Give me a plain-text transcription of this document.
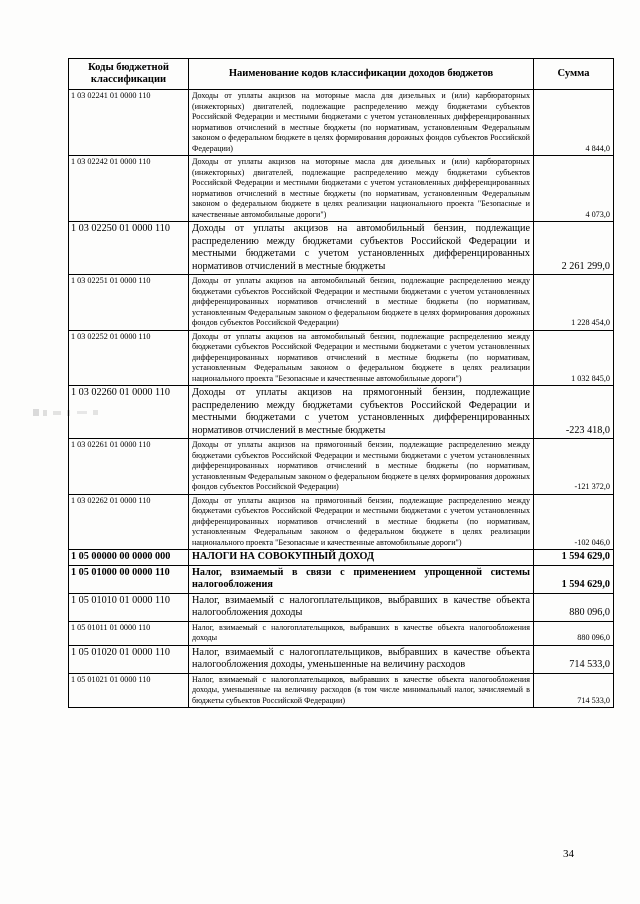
Коды бюджетной классификации	Наименование кодов классификации доходов бюджетов	Сумма
1 03 02241 01 0000 110	Доходы от уплаты акцизов на моторные масла для дизельных и (или) карбюраторных (инжекторных) двигателей, подлежащие распределению между бюджетами субъектов Российской Федерации и местными бюджетами с учетом установленных дифференцированных нормативов отчислений в местные бюджеты (по нормативам, установленным Федеральным законом о федеральном бюджете в целях формирования дорожных фондов субъектов Российской Федерации)	4 844,0
1 03 02242 01 0000 110	Доходы от уплаты акцизов на моторные масла для дизельных и (или) карбюраторных (инжекторных) двигателей, подлежащие распределению между бюджетами субъектов Российской Федерации и местными бюджетами с учетом установленных дифференцированных нормативов отчислений в местные бюджеты (по нормативам, установленным Федеральным законом о федеральном бюджете в целях реализации национального проекта "Безопасные и качественные автомобильные дороги")	4 073,0
1 03 02250 01 0000 110	Доходы от уплаты акцизов на автомобильный бензин, подлежащие распределению между бюджетами субъектов Российской Федерации и местными бюджетами с учетом установленных дифференцированных нормативов отчислений в местные бюджеты	2 261 299,0
1 03 02251 01 0000 110	Доходы от уплаты акцизов на автомобильный бензин, подлежащие распределению между бюджетами субъектов Российской Федерации и местными бюджетами с учетом установленных дифференцированных нормативов отчислений в местные бюджеты (по нормативам, установленным Федеральным законом о федеральном бюджете в целях формирования дорожных фондов субъектов Российской Федерации)	1 228 454,0
1 03 02252 01 0000 110	Доходы от уплаты акцизов на автомобильный бензин, подлежащие распределению между бюджетами субъектов Российской Федерации и местными бюджетами с учетом установленных дифференцированных нормативов отчислений в местные бюджеты (по нормативам, установленным Федеральным законом о федеральном бюджете в целях реализации национального проекта "Безопасные и качественные автомобильные дороги")	1 032 845,0
1 03 02260 01 0000 110	Доходы от уплаты акцизов на прямогонный бензин, подлежащие распределению между бюджетами субъектов Российской Федерации и местными бюджетами с учетом установленных дифференцированных нормативов отчислений в местные бюджеты	-223 418,0
1 03 02261 01 0000 110	Доходы от уплаты акцизов на прямогонный бензин, подлежащие распределению между бюджетами субъектов Российской Федерации и местными бюджетами с учетом установленных дифференцированных нормативов отчислений в местные бюджеты (по нормативам, установленным Федеральным законом о федеральном бюджете в целях формирования дорожных фондов субъектов Российской Федерации)	-121 372,0
1 03 02262 01 0000 110	Доходы от уплаты акцизов на прямогонный бензин, подлежащие распределению между бюджетами субъектов Российской Федерации и местными бюджетами с учетом установленных дифференцированных нормативов отчислений в местные бюджеты (по нормативам, установленным Федеральным законом о федеральном бюджете в целях реализации национального проекта "Безопасные и качественные автомобильные дороги")	-102 046,0
1 05 00000 00 0000 000	НАЛОГИ НА СОВОКУПНЫЙ ДОХОД	1 594 629,0
1 05 01000 00 0000 110	Налог, взимаемый в связи с применением упрощенной системы налогообложения	1 594 629,0
1 05 01010 01 0000 110	Налог, взимаемый с налогоплательщиков, выбравших в качестве объекта налогообложения доходы	880 096,0
1 05 01011 01 0000 110	Налог, взимаемый с налогоплательщиков, выбравших в качестве объекта налогообложения доходы	880 096,0
1 05 01020 01 0000 110	Налог, взимаемый с налогоплательщиков, выбравших в качестве объекта налогообложения доходы, уменьшенные на величину расходов	714 533,0
1 05 01021 01 0000 110	Налог, взимаемый с налогоплательщиков, выбравших в качестве объекта налогообложения доходы, уменьшенные на величину расходов (в том числе минимальный налог, зачисляемый в бюджеты субъектов Российской Федерации)	714 533,0
34
